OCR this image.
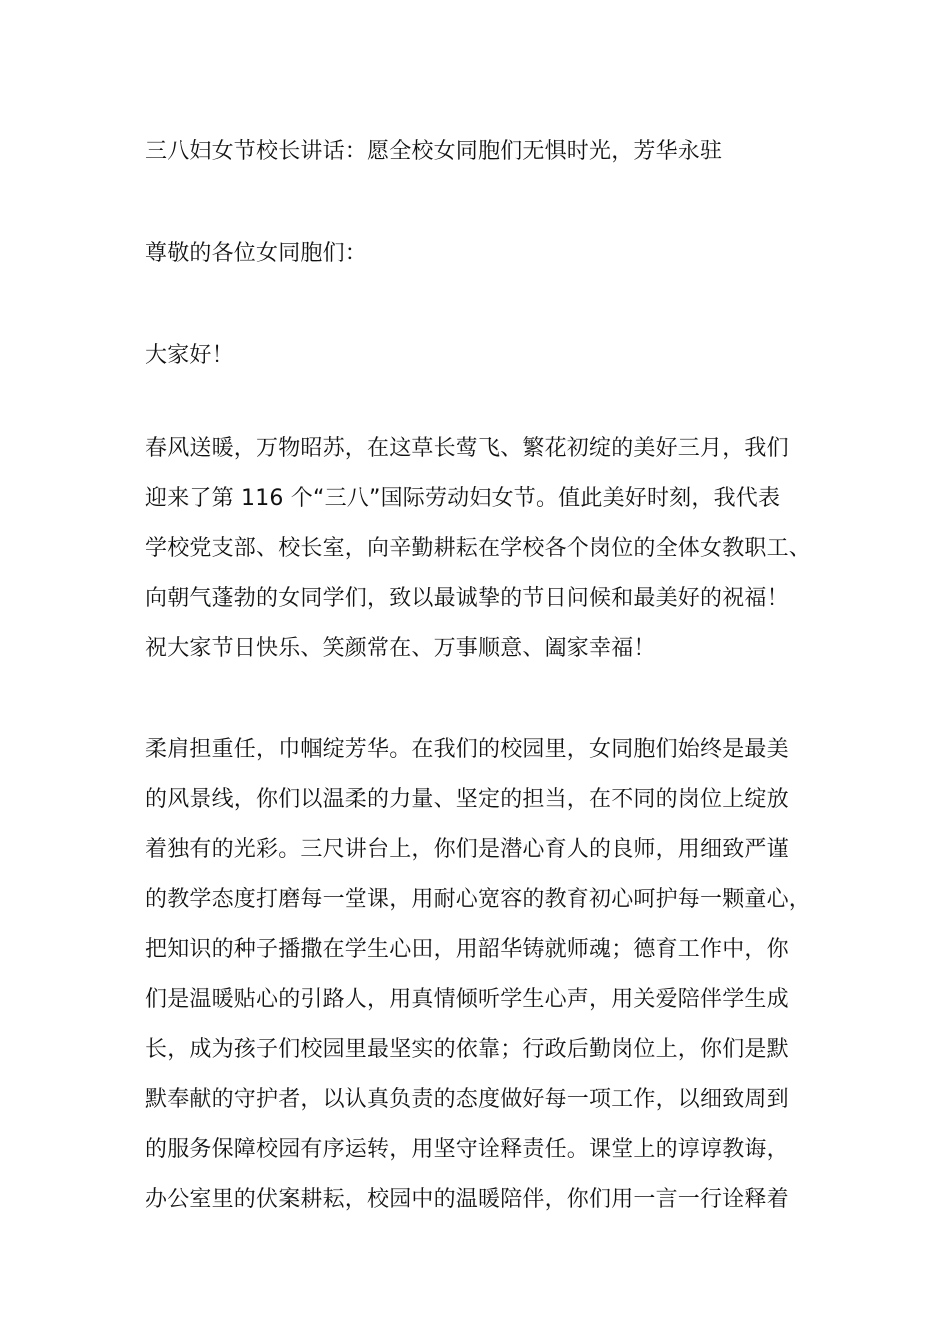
三八妇女节校长讲话：愿全校女同胞们无惧时光，芳华永驻
尊敬的各位女同胞们：
大家好！
春风送暖，万物昭苏，在这草长莺飞、繁花初绽的美好三月，我们
迎来了第 116 个“三八”国际劳动妇女节。值此美好时刻，我代表
学校党支部、校长室，向辛勤耕耘在学校各个岗位的全体女教职工、
向朝气蓬勃的女同学们，致以最诚挚的节日问候和最美好的祝福！
祝大家节日快乐、笑颜常在、万事顺意、阖家幸福！
柔肩担重任，巾帼绽芳华。在我们的校园里，女同胞们始终是最美
的风景线，你们以温柔的力量、坚定的担当，在不同的岗位上绽放
着独有的光彩。三尺讲台上，你们是潜心育人的良师，用细致严谨
的教学态度打磨每一堂课，用耐心宽容的教育初心呵护每一颗童心，
把知识的种子播撒在学生心田，用韶华铸就师魂；德育工作中，你
们是温暖贴心的引路人，用真情倾听学生心声，用关爱陪伴学生成
长，成为孩子们校园里最坚实的依靠；行政后勤岗位上，你们是默
默奉献的守护者，以认真负责的态度做好每一项工作，以细致周到
的服务保障校园有序运转，用坚守诠释责任。课堂上的谆谆教诲，
办公室里的伏案耕耘，校园中的温暖陪伴，你们用一言一行诠释着
